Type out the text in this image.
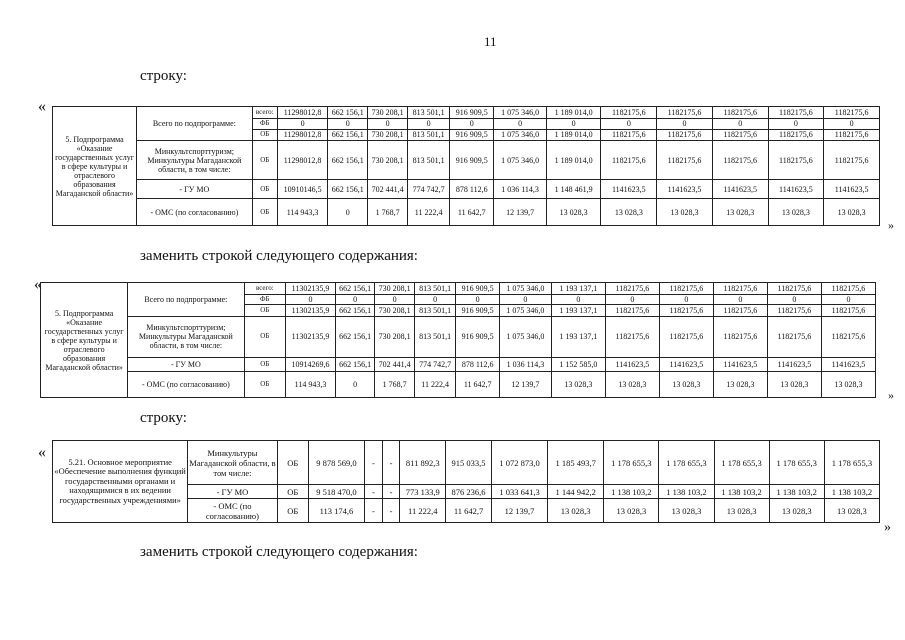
11
строку:
«
5. Подпрограмма «Оказание государственных услуг в сфере культуры и отраслевого образования Магаданской области»	Всего по подпрограмме:	всего:	11298012,8	662 156,1	730 208,1	813 501,1	916 909,5	1 075 346,0	1 189 014,0	1182175,6	1182175,6	1182175,6	1182175,6	1182175,6
		ФБ	0	0	0	0	0	0	0	0	0	0	0	0
		ОБ	11298012,8	662 156,1	730 208,1	813 501,1	916 909,5	1 075 346,0	1 189 014,0	1182175,6	1182175,6	1182175,6	1182175,6	1182175,6
	Минкультспорттуризм; Минкультуры Магаданской области, в том числе:	ОБ	11298012,8	662 156,1	730 208,1	813 501,1	916 909,5	1 075 346,0	1 189 014,0	1182175,6	1182175,6	1182175,6	1182175,6	1182175,6
	- ГУ МО	ОБ	10910146,5	662 156,1	702 441,4	774 742,7	878 112,6	1 036 114,3	1 148 461,9	1141623,5	1141623,5	1141623,5	1141623,5	1141623,5
	- ОМС (по согласованию)	ОБ	114 943,3	0	1 768,7	11 222,4	11 642,7	12 139,7	13 028,3	13 028,3	13 028,3	13 028,3	13 028,3	13 028,3
»
заменить строкой следующего содержания:
«
5. Подпрограмма «Оказание государственных услуг в сфере культуры и отраслевого образования Магаданской области»	Всего по подпрограмме:	всего:	11302135,9	662 156,1	730 208,1	813 501,1	916 909,5	1 075 346,0	1 193 137,1	1182175,6	1182175,6	1182175,6	1182175,6	1182175,6
		ФБ	0	0	0	0	0	0	0	0	0	0	0	0
		ОБ	11302135,9	662 156,1	730 208,1	813 501,1	916 909,5	1 075 346,0	1 193 137,1	1182175,6	1182175,6	1182175,6	1182175,6	1182175,6
	Минкультспорттуризм; Минкультуры Магаданской области, в том числе:	ОБ	11302135,9	662 156,1	730 208,1	813 501,1	916 909,5	1 075 346,0	1 193 137,1	1182175,6	1182175,6	1182175,6	1182175,6	1182175,6
	- ГУ МО	ОБ	10914269,6	662 156,1	702 441,4	774 742,7	878 112,6	1 036 114,3	1 152 585,0	1141623,5	1141623,5	1141623,5	1141623,5	1141623,5
	- ОМС (по согласованию)	ОБ	114 943,3	0	1 768,7	11 222,4	11 642,7	12 139,7	13 028,3	13 028,3	13 028,3	13 028,3	13 028,3	13 028,3
»
строку:
«
5.21. Основное мероприятие «Обеспечение выполнения функций государственными органами и находящимися в их ведении государственных учреждениями»	Минкультуры Магаданской области, в том числе:	ОБ	9 878 569,0	-	-	811 892,3	915 033,5	1 072 873,0	1 185 493,7	1 178 655,3	1 178 655,3	1 178 655,3	1 178 655,3	1 178 655,3
	- ГУ МО	ОБ	9 518 470,0	-	-	773 133,9	876 236,6	1 033 641,3	1 144 942,2	1 138 103,2	1 138 103,2	1 138 103,2	1 138 103,2	1 138 103,2
	- ОМС (по согласованию)	ОБ	113 174,6	-	-	11 222,4	11 642,7	12 139,7	13 028,3	13 028,3	13 028,3	13 028,3	13 028,3	13 028,3
»
заменить строкой следующего содержания:
